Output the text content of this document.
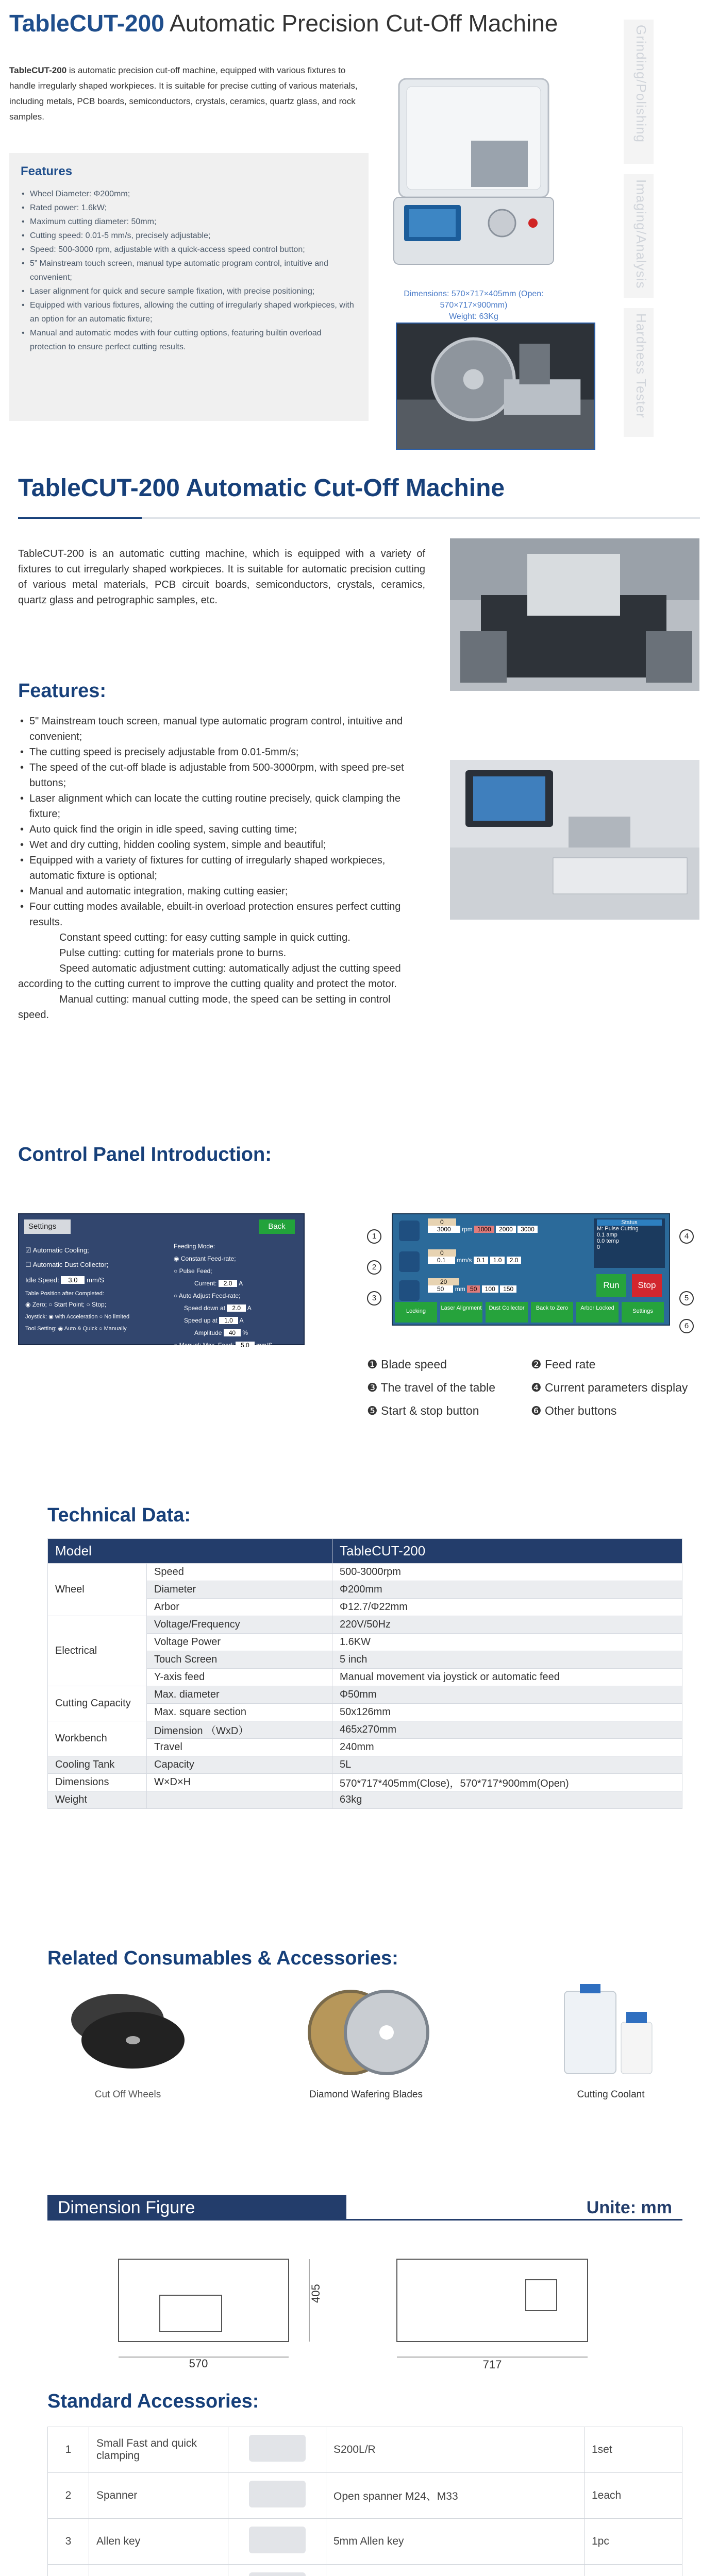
TableCUT-200 Automatic Precision Cut-Off Machine
TableCUT-200 is automatic precision cut-off machine, equipped with various fixtures to handle irregularly shaped workpieces. It is suitable for precise cutting of various materials, including metals, PCB boards, semiconductors, crystals, ceramics, quartz glass, and rock samples.
Features
• Wheel Diameter: Φ200mm;
• Rated power: 1.6kW;
• Maximum cutting diameter: 50mm;
• Cutting speed: 0.01-5 mm/s, precisely adjustable;
• Speed: 500-3000 rpm, adjustable with a quick-access speed control button;
• 5” Mainstream touch screen, manual type automatic program control, intuitive and convenient;
• Laser alignment for quick and secure sample fixation, with precise positioning;
• Equipped with various fixtures, allowing the cutting of irregularly shaped workpieces, with an option for an automatic fixture;
• Manual and automatic modes with four cutting options, featuring builtin overload protection to ensure perfect cutting results.
Dimensions: 570×717×405mm (Open: 570×717×900mm)
Weight: 63Kg
Grinding/Polishing
Imaging/Analysis
Hardness Tester
TableCUT-200 Automatic Cut-Off Machine
TableCUT-200 is an automatic cutting machine, which is equipped with a variety of fixtures to cut irregularly shaped workpieces. It is suitable for automatic precision cutting of various metal materials, PCB circuit boards, semiconductors, crystals, ceramics, quartz glass and petrographic samples, etc.
Features:
• 5" Mainstream touch screen, manual type automatic program control, intuitive and convenient;
• The cutting speed is precisely adjustable from 0.01-5mm/s;
• The speed of the cut-off blade is adjustable from 500-3000rpm, with speed pre-set buttons;
• Laser alignment which can locate the cutting routine precisely, quick clamping the fixture;
• Auto quick find the origin in idle speed, saving cutting time;
• Wet and dry cutting, hidden cooling system, simple and beautiful;
• Equipped with a variety of fixtures for cutting of irregularly shaped workpieces, automatic fixture is optional;
• Manual and automatic integration, making cutting easier;
• Four cutting modes available, ebuilt-in overload protection ensures perfect cutting results.

Constant speed cutting: for easy cutting sample in quick cutting.

Pulse cutting: cutting for materials prone to burns.

Speed automatic adjustment cutting: automatically adjust the cutting speed according to the cutting current to improve the cutting quality and protect the motor.

Manual cutting: manual cutting mode, the speed can be setting in control speed.

Control Panel Introduction:
Settings	Back
☑ Automatic Cooling;
☐ Automatic Dust Collector;
Idle Speed: 3.0 mm/S
Table Position after Completed:
◉ Zero; ○ Start Point; ○ Stop;
Joystick: ◉ with Acceleration ○ No limited
Tool Setting: ◉ Auto & Quick ○ Manually
Feeding Mode:
◉ Constant Feed-rate;
○ Pulse Feed;
Current: 2.0 A
○ Auto Adjust Feed-rate;
Speed down at 2.0 A
Speed up at 1.0 A
Amplitude 40 %
○ Manual; Max. Feed: 5.0 mm/S
1
2
3
4
5
6
0
3000 rpm 1000 2000 3000
0
0.1 mm/s 0.1 1.0 2.0
20
50 mm 50 100 150
Status
M: Pulse Cutting
0.1 amp
0.0 temp
0
Run	Stop
Locking	Laser Alignment	Dust Collector	Back to Zero	Arbor Locked	Settings
❶ Blade speed	❷ Feed rate
❸ The travel of the table	❹ Current parameters display
❺ Start & stop button	❻ Other buttons
Technical Data:
Model		TableCUT-200
Wheel	Speed	500-3000rpm
	Diameter	Φ200mm
	Arbor	Φ12.7/Φ22mm
Electrical	Voltage/Frequency	220V/50Hz
	Voltage Power	1.6KW
	Touch Screen	5 inch
	Y-axis feed	Manual movement via joystick or automatic feed
Cutting Capacity	Max. diameter	Φ50mm
	Max. square section	50x126mm
Workbench	Dimension （WxD）	465x270mm
	Travel	240mm
Cooling Tank	Capacity	5L
Dimensions	W×D×H	570*717*405mm(Close)，570*717*900mm(Open)
Weight		63kg
Related Consumables & Accessories:
Cut Off Wheels	Diamond Wafering Blades	Cutting Coolant
Dimension Figure	Unite: mm
570
405
717
Standard Accessories:
1	Small Fast and quick clamping		S200L/R	1set
2	Spanner		Open spanner M24、M33	1each
3	Allen key		5mm Allen key	1pc
